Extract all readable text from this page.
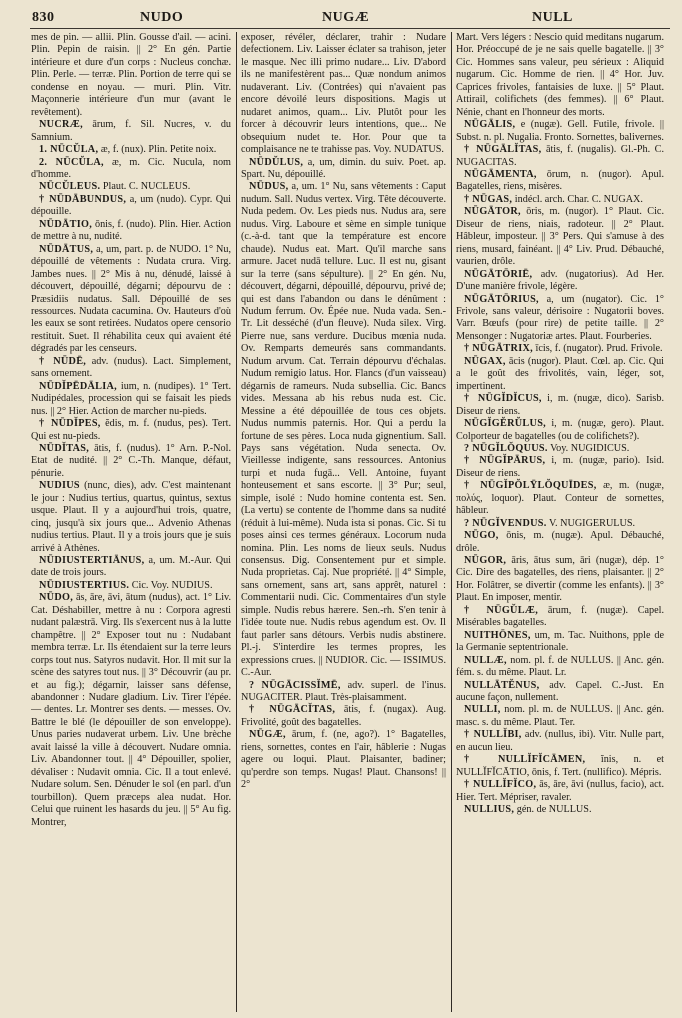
830	NUDO	NUGÆ	NULL

mes de pin. — allii. Plin. Gousse d'ail. — acini. Plin. Pepin de raisin. || 2° En gén. Partie intérieure et dure d'un corps : Nucleus conchæ. Plin. Perle. — terræ. Plin. Portion de terre qui se condense en noyau. — muri. Plin. Vitr. Maçonnerie intérieure d'un mur (avant le revêtement).

NUCRÆ, ārum, f. Sil. Nucres, v. du Samnium.

1. NŪCŬLA, æ, f. (nux). Plin. Petite noix.

2. NŪCŬLA, æ, m. Cic. Nucula, nom d'homme.

NŪCŬLEUS. Plaut. C. NUCLEUS.

† NŪDĀBUNDUS, a, um (nudo). Cypr. Qui dépouille.

NŪDĀTIO, ōnis, f. (nudo). Plin. Hier. Action de mettre à nu, nudité.

NŪDĀTUS, a, um, part. p. de NUDO. 1° Nu, dépouillé de vêtements : Nudata crura. Virg. Jambes nues. || 2° Mis à nu, dénudé, laissé à découvert, dépouillé, dégarni; dépourvu de : Præsidiis nudatus. Sall. Dépouillé de ses ressources. Nudata cacumina. Ov. Hauteurs d'où les eaux se sont retirées. Nudatos opere censorio restituit. Suet. Il réhabilita ceux qui avaient été dégradés par les censeurs.

† NŪDĒ, adv. (nudus). Lact. Simplement, sans ornement.

NŪDĬPĒDĀLIA, ium, n. (nudipes). 1° Tert. Nudipédales, procession qui se faisait les pieds nus. || 2° Hier. Action de marcher nu-pieds.

† NŪDĬPES, ĕdis, m. f. (nudus, pes). Tert. Qui est nu-pieds.

NŪDĬTAS, ātis, f. (nudus). 1° Arn. P.-Nol. Etat de nudité. || 2° C.-Th. Manque, défaut, pénurie.

NUDIUS (nunc, dies), adv. C'est maintenant le jour : Nudius tertius, quartus, quintus, sextus usque. Plaut. Il y a aujourd'hui trois, quatre, cinq, jusqu'à six jours que... Advenio Athenas nudius tertius. Plaut. Il y a trois jours que je suis arrivé à Athènes.

NŪDIUSTERTIĀNUS, a, um. M.-Aur. Qui date de trois jours.

NŪDIUSTERTIUS. Cic. Voy. NUDIUS.

NŪDO, ās, āre, āvi, ātum (nudus), act. 1° Liv. Cat. Déshabiller, mettre à nu : Corpora agresti nudant palæstrā. Virg. Ils s'exercent nus à la lutte champêtre. || 2° Exposer tout nu : Nudabant membra terræ. Lr. Ils étendaient sur la terre leurs corps tout nus. Satyros nudavit. Hor. Il mit sur la scène des satyres tout nus. || 3° Découvrir (au pr. et au fig.); dégarnir, laisser sans défense, abandonner : Nudare gladium. Liv. Tirer l'épée. — dentes. Lr. Montrer ses dents. — messes. Ov. Battre le blé (le dépouiller de son enveloppe). Unus paries nudaverat urbem. Liv. Une brèche avait laissé la ville à découvert. Nudare omnia. Liv. Abandonner tout. || 4° Dépouiller, spolier, dévaliser : Nudavit omnia. Cic. Il a tout enlevé. Nudare solum. Sen. Dénuder le sol (en parl. d'un tourbillon). Quem præceps alea nudat. Hor. Celui que ruinent les hasards du jeu. || 5° Au fig. Montrer,

exposer, révéler, déclarer, trahir : Nudare defectionem. Liv. Laisser éclater sa trahison, jeter le masque. Nec illi primo nudare... Liv. D'abord ils ne manifestèrent pas... Quæ nondum animos nudaverant. Liv. (Contrées) qui n'avaient pas encore dévoilé leurs dispositions. Magis ut nudaret animos, quam... Liv. Plutôt pour les forcer à découvrir leurs intentions, que... Ne obsequium nudet te. Hor. Pour que ta complaisance ne te trahisse pas. Voy. NUDATUS.

NŪDŬLUS, a, um, dimin. du suiv. Poet. ap. Spart. Nu, dépouillé.

NŪDUS, a, um. 1° Nu, sans vêtements : Caput nudum. Sall. Nudus vertex. Virg. Tête découverte. Nuda pedem. Ov. Les pieds nus. Nudus ara, sere nudus. Virg. Laboure et sème en simple tunique (c.-à-d. tant que la température est encore chaude). Nudus eat. Mart. Qu'il marche sans armure. Jacet nudā tellure. Luc. Il est nu, gisant sur la terre (sans sépulture). || 2° En gén. Nu, découvert, dégarni, dépouillé, dépourvu, privé de; qui est dans l'abandon ou dans le dénûment : Nudum ferrum. Ov. Épée nue. Nuda vada. Sen.-Tr. Lit desséché (d'un fleuve). Nuda silex. Virg. Pierre nue, sans verdure. Ducibus mœnia nuda. Ov. Remparts demeurés sans commandants. Nudum arvum. Cat. Terrain dépourvu d'échalas. Nudum remigio latus. Hor. Flancs (d'un vaisseau) dégarnis de rameurs. Nuda subsellia. Cic. Bancs vides. Messana ab his rebus nuda est. Cic. Messine a été dépouillée de tous ces objets. Nudus nummis paternis. Hor. Qui a perdu la fortune de ses pères. Loca nuda gignentium. Sall. Pays sans végétation. Nuda senecta. Ov. Vieillesse indigente, sans ressources. Antonius turpi et nuda fugā... Vell. Antoine, fuyant honteusement et sans escorte. || 3° Pur; seul, simple, isolé : Nudo homine contenta est. Sen. (La vertu) se contente de l'homme dans sa nudité (réduit à lui-même). Nuda ista si ponas. Cic. Si tu poses ainsi ces termes généraux. Locorum nuda nomina. Plin. Les noms de lieux seuls. Nudus consensus. Dig. Consentement pur et simple. Nuda proprietas. Caj. Nue propriété. || 4° Simple, sans ornement, sans art, sans apprêt, naturel : Commentarii nudi. Cic. Commentaires d'un style simple. Nudis rebus hærere. Sen.-rh. S'en tenir à l'idée toute nue. Nudis rebus agendum est. Ov. Il faut parler sans détours. Verbis nudis abstinere. Pl.-j. S'interdire les termes propres, les expressions crues. || NUDIOR. Cic. — ISSIMUS. C.-Aur.

? NŪGĀCISSĬMĒ, adv. superl. de l'inus. NUGACITER. Plaut. Très-plaisamment.

† NŪGĀCĬTAS, ātis, f. (nugax). Aug. Frivolité, goût des bagatelles.

NŪGÆ, ārum, f. (ne, ago?). 1° Bagatelles, riens, sornettes, contes en l'air, hâblerie : Nugas agere ou loqui. Plaut. Plaisanter, badiner; qu'perdre son temps. Nugas! Plaut. Chansons! || 2°

Mart. Vers légers : Nescio quid meditans nugarum. Hor. Préoccupé de je ne sais quelle bagatelle. || 3° Cic. Hommes sans valeur, peu sérieux : Aliquid nugarum. Cic. Homme de rien. || 4° Hor. Juv. Caprices frivoles, fantaisies de luxe. || 5° Plaut. Attirail, colifichets (des femmes). || 6° Plaut. Nénie, chant en l'honneur des morts.

NŪGĀLIS, e (nugæ). Gell. Futile, frivole. || Subst. n. pl. Nugalia. Fronto. Sornettes, balivernes.

† NŪGĀLĬTAS, ātis, f. (nugalis). Gl.-Ph. C. NUGACITAS.

NŪGĀMENTA, ōrum, n. (nugor). Apul. Bagatelles, riens, misères.

† NŪGAS, indécl. arch. Char. C. NUGAX.

NŪGĀTOR, ōris, m. (nugor). 1° Plaut. Cic. Diseur de riens, niais, radoteur. || 2° Plaut. Hâbleur, imposteur. || 3° Pers. Qui s'amuse à des riens, musard, fainéant. || 4° Liv. Prud. Débauché, vaurien, drôle.

NŪGĀTŌRIĒ, adv. (nugatorius). Ad Her. D'une manière frivole, légère.

NŪGĀTŌRIUS, a, um (nugator). Cic. 1° Frivole, sans valeur, dérisoire : Nugatorii boves. Varr. Bœufs (pour rire) de petite taille. || 2° Mensonger : Nugatoriæ artes. Plaut. Fourberies.

† NŪGĀTRIX, īcis, f. (nugator). Prud. Frivole.

NŪGAX, ācis (nugor). Plaut. Cœl. ap. Cic. Qui a le goût des frivolités, vain, léger, sot, impertinent.

† NŪGĬDĬCUS, i, m. (nugæ, dico). Sarisb. Diseur de riens.

NŪGĬGĔRŬLUS, i, m. (nugæ, gero). Plaut. Colporteur de bagatelles (ou de colifichets?).

? NŪGĬLŎQUUS. Voy. NUGIDICUS.

† NŪGĬPĀRUS, i, m. (nugæ, pario). Isid. Diseur de riens.

† NŪGĬPŎLȲLŎQUĪDES, æ, m. (nugæ, πολύς, loquor). Plaut. Conteur de sornettes, hâbleur.

? NŪGĬVENDUS. V. NUGIGERULUS.

NŪGO, ōnis, m. (nugæ). Apul. Débauché, drôle.

NŪGOR, āris, ātus sum, āri (nugæ), dép. 1° Cic. Dire des bagatelles, des riens, plaisanter. || 2° Hor. Folâtrer, se divertir (comme les enfants). || 3° Plaut. En imposer, mentir.

† NŪGŬLÆ, ārum, f. (nugæ). Capel. Misérables bagatelles.

NUITHŌNES, um, m. Tac. Nuithons, pple de la Germanie septentrionale.

NULLÆ, nom. pl. f. de NULLUS. || Anc. gén. fém. s. du même. Plaut. Lr.

NULLĀTĔNUS, adv. Capel. C.-Just. En aucune façon, nullement.

NULLI, nom. pl. m. de NULLUS. || Anc. gén. masc. s. du même. Plaut. Ter.

† NULLĬBI, adv. (nullus, ibi). Vitr. Nulle part, en aucun lieu.

† NULLĬFĬCĀMEN, ĭnis, n. et NULLĬFĬCĀTIO, ōnis, f. Tert. (nullifico). Mépris.

† NULLĬFĬCO, ās, āre, āvi (nullus, facio), act. Hier. Tert. Mépriser, ravaler.

NULLIUS, gén. de NULLUS.
